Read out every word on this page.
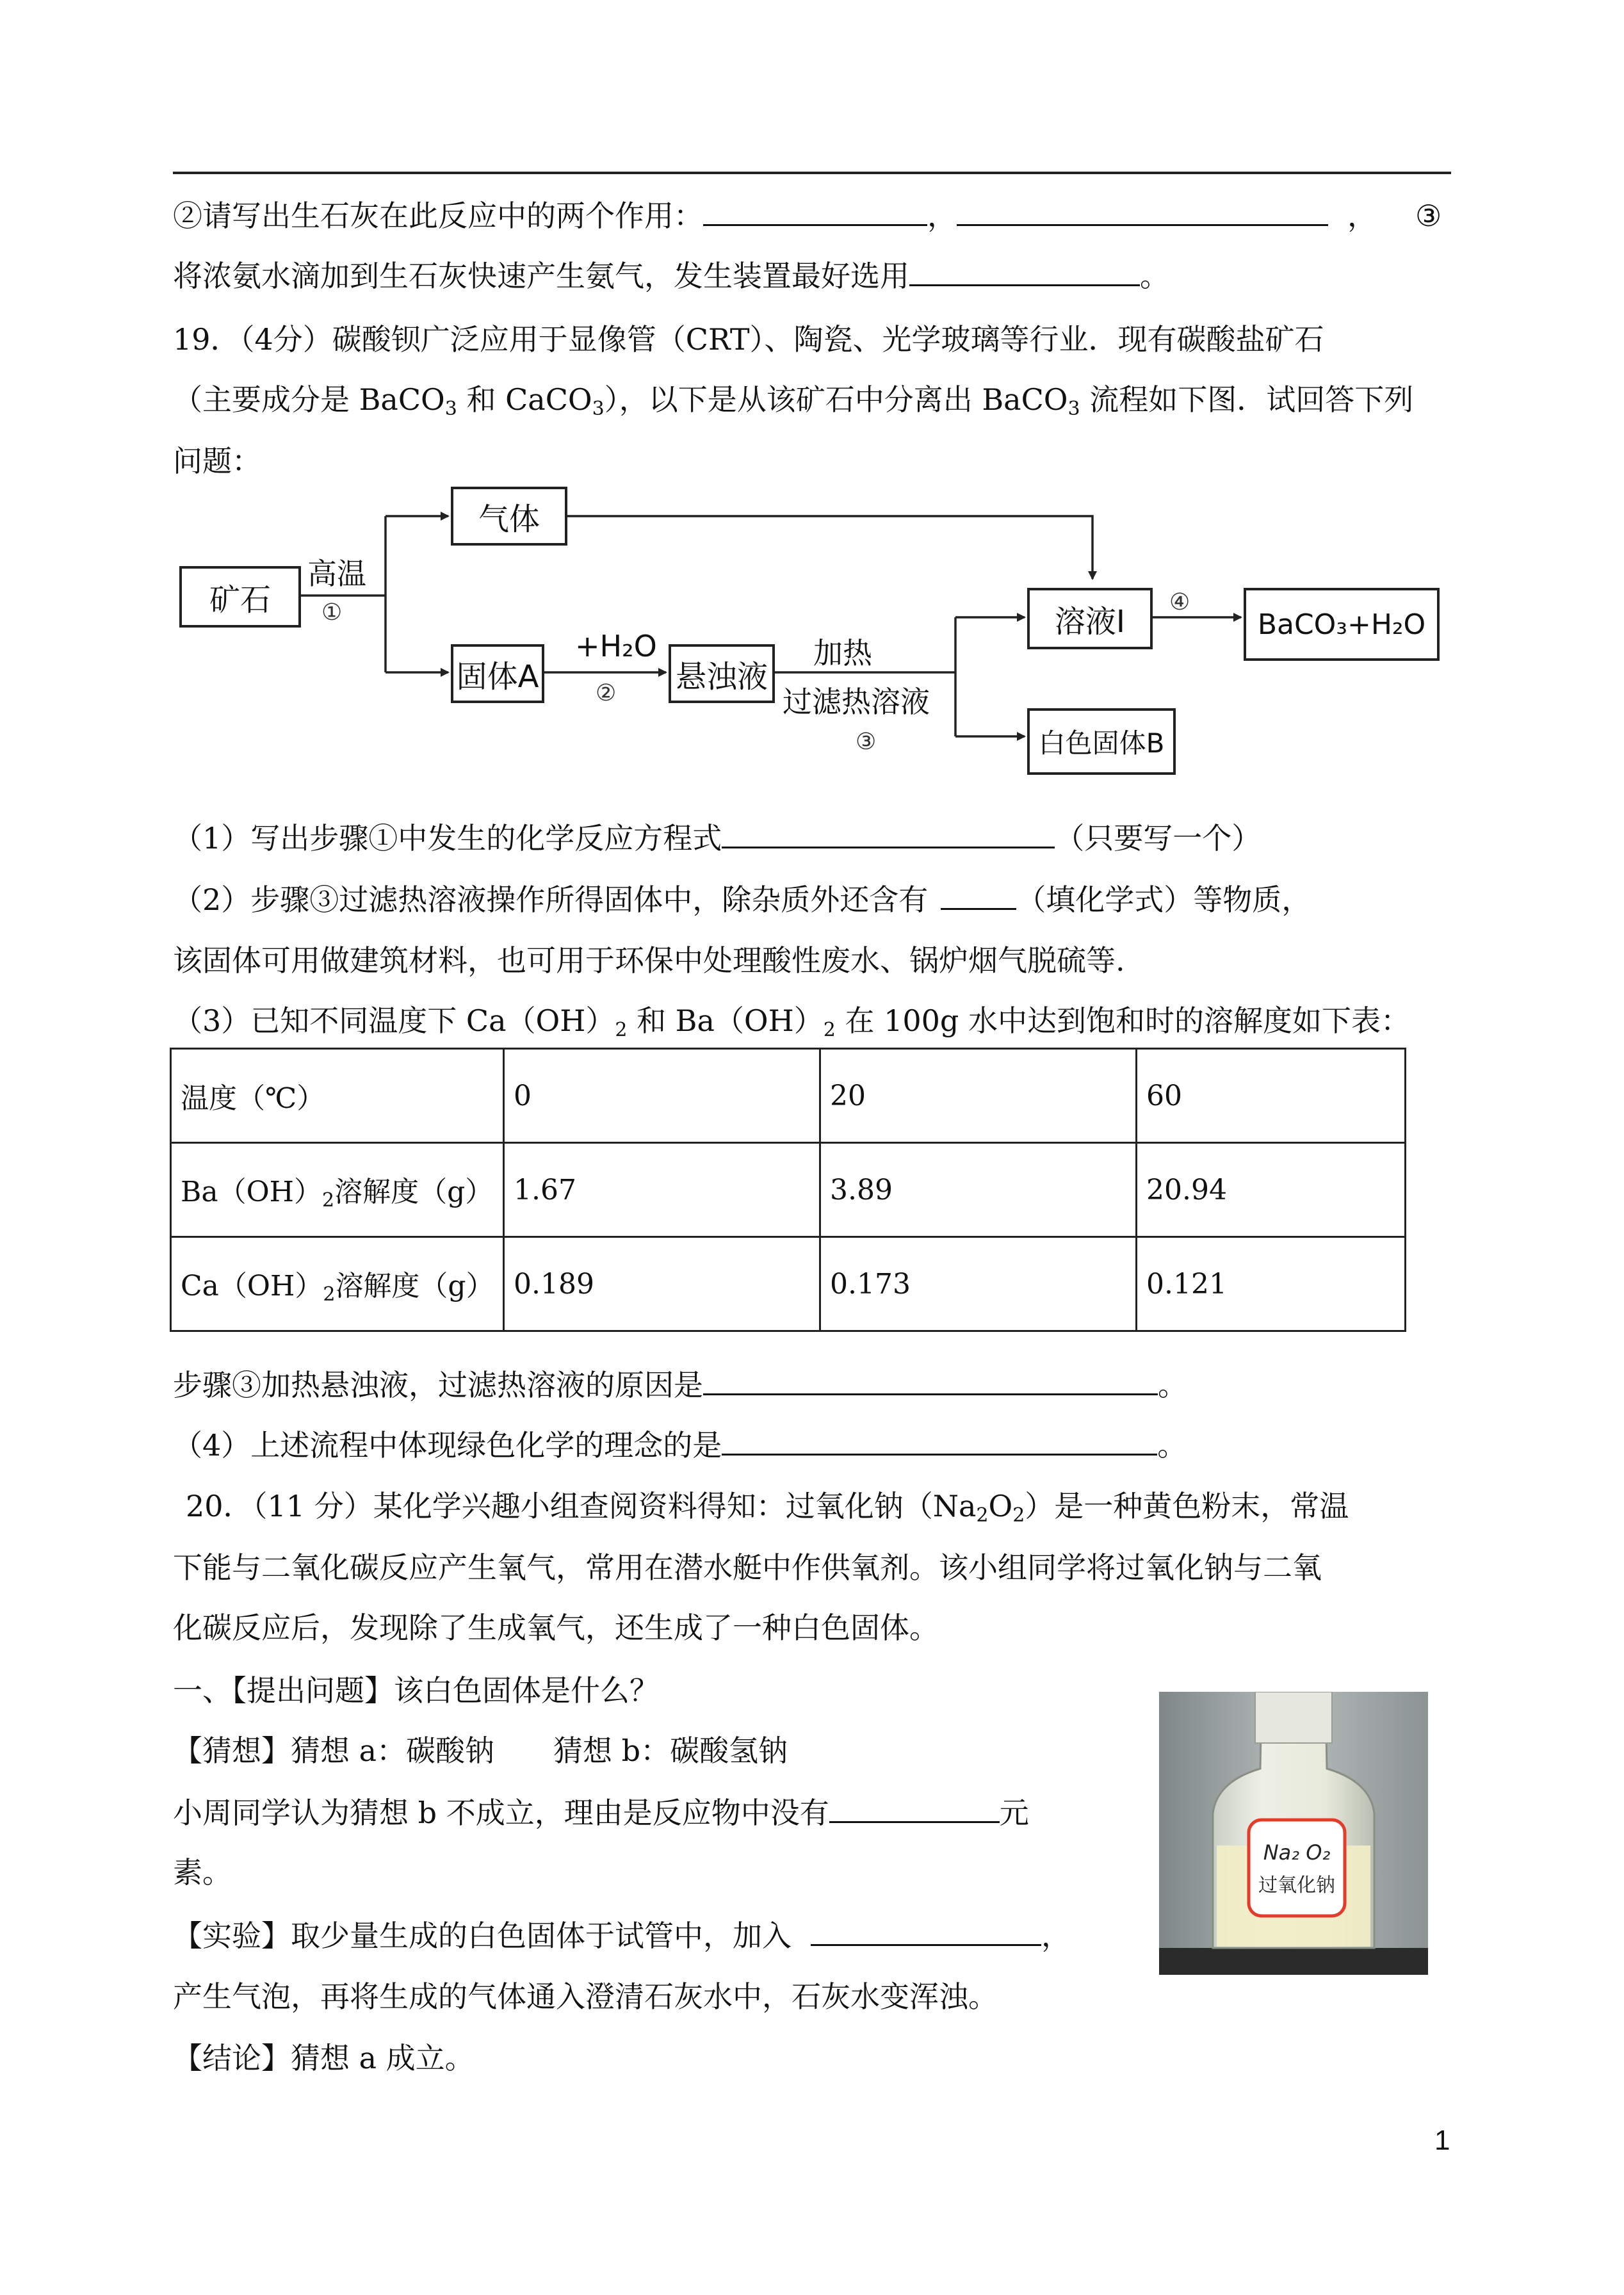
②请写出生石灰在此反应中的两个作用：	，	， ③
将浓氨水滴加到生石灰快速产生氨气，发生装置最好选用	。
19．（4分）碳酸钡广泛应用于显像管（CRT）、陶瓷、光学玻璃等行业．现有碳酸盐矿石
（主要成分是 BaCO$_3$ 和 CaCO$_3$），以下是从该矿石中分离出 BaCO$_3$ 流程如下图．试回答下列
问题：
矿石
高温
①
气体
固体A
+H₂O
② 悬浊液
加热
过滤热溶液
③
溶液Ⅰ
④
BaCO₃+H₂O
白色固体B
（1）写出步骤①中发生的化学反应方程式	（只要写一个）
（2）步骤③过滤热溶液操作所得固体中，除杂质外还含有	（填化学式）等物质，
该固体可用做建筑材料，也可用于环保中处理酸性废水、锅炉烟气脱硫等.
（3）已知不同温度下 $Ca(OH)_2$ 和 $Ba(OH)_2$ 在 100g 水中达到饱和时的溶解度如下表：
温度（℃）	0	20	60
$Ba(OH)_2$溶解度（g）	1.67	3.89	20.94
$Ca(OH)_2$溶解度（g）	0.189	0.173	0.121
步骤③加热悬浊液，过滤热溶液的原因是	。
（4）上述流程中体现绿色化学的理念的是	。
20．（11 分）某化学兴趣小组查阅资料得知：过氧化钠$(Na_2O_2)$是一种黄色粉末，常温
下能与二氧化碳反应产生氧气，常用在潜水艇中作供氧剂。该小组同学将过氧化钠与二氧
化碳反应后，发现除了生成氧气，还生成了一种白色固体。
一、【提出问题】该白色固体是什么？
【猜想】猜想 a：碳酸钠　　猜想 b：碳酸氢钠
小周同学认为猜想 b 不成立，理由是反应物中没有	元
素。
【实验】取少量生成的白色固体于试管中，加入	，
产生气泡，再将生成的气体通入澄清石灰水中，石灰水变浑浊。
【结论】猜想 a 成立。
Na₂ O₂
过氧化钠
1
